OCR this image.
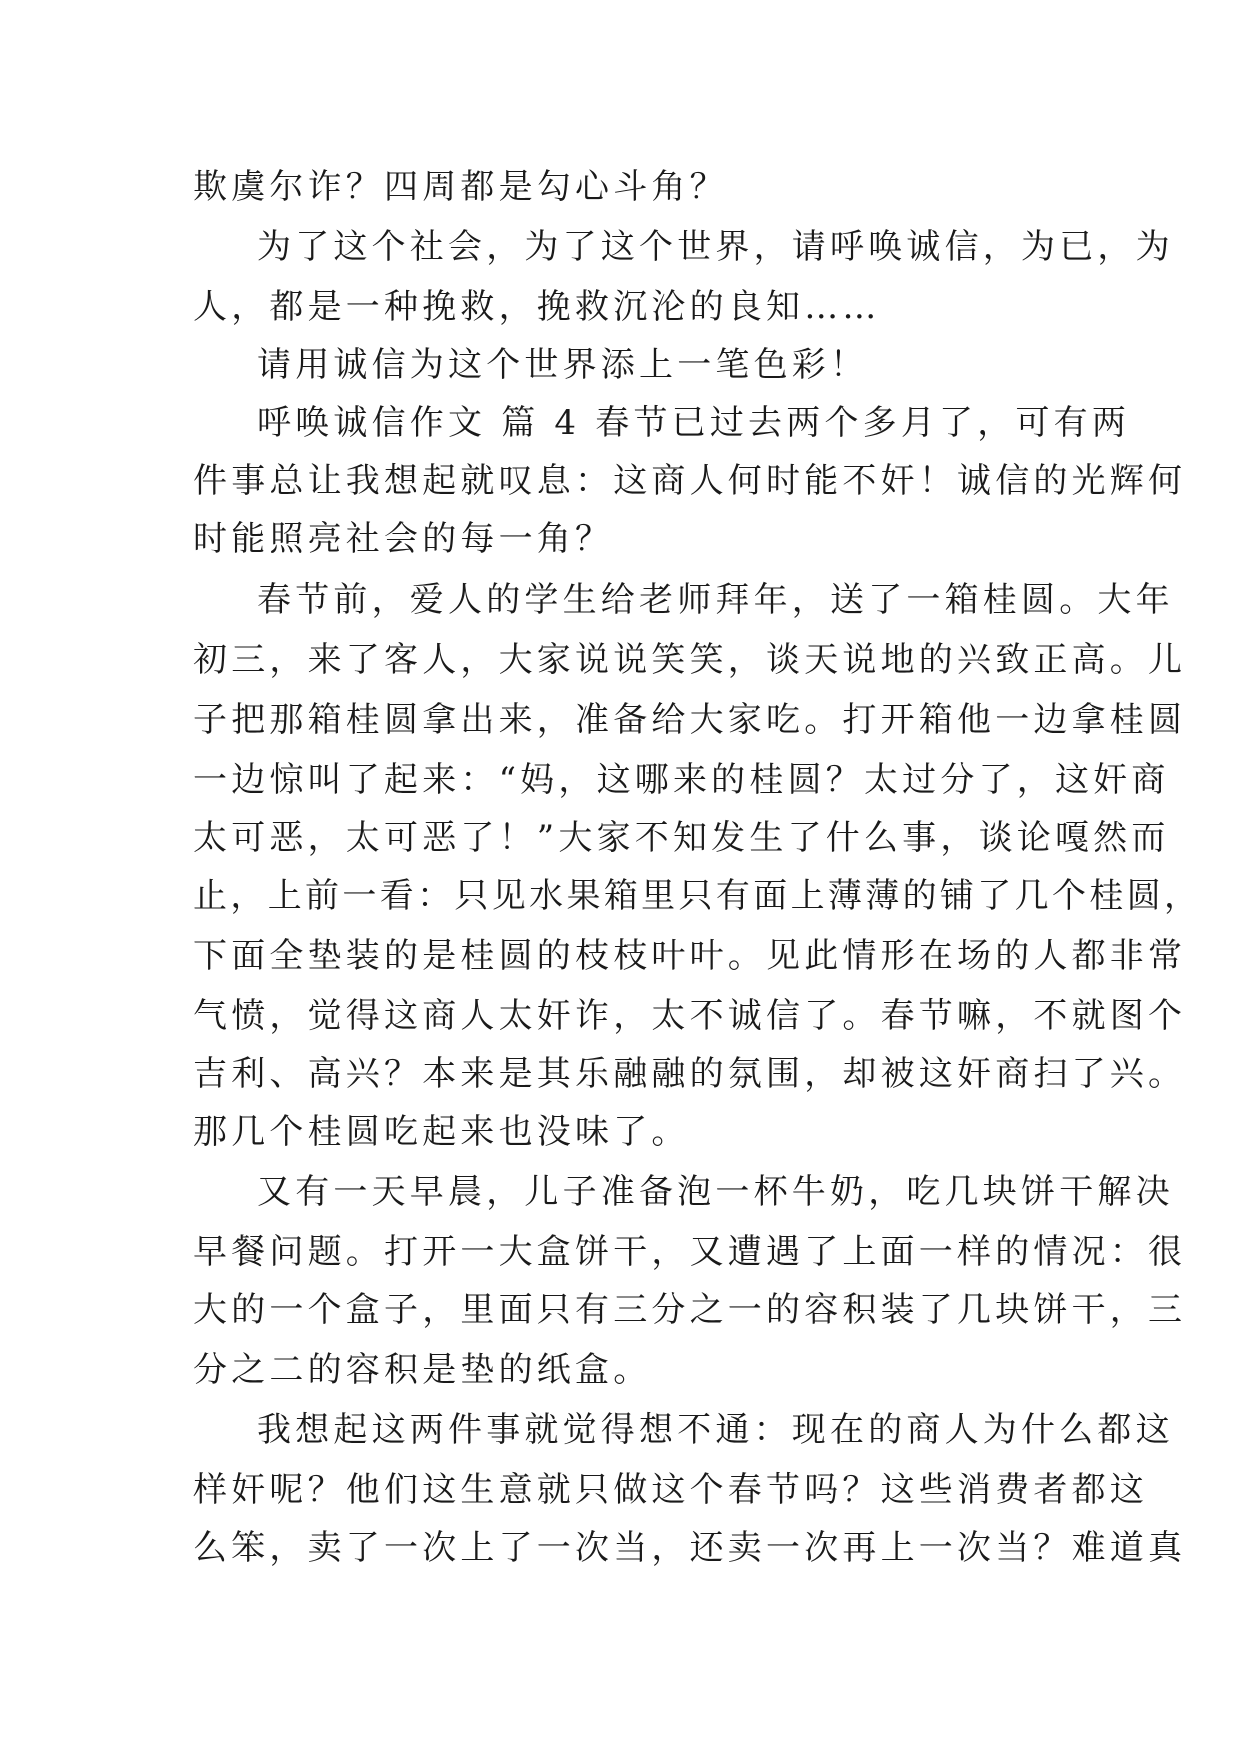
欺虞尔诈？四周都是勾心斗角？
为了这个社会，为了这个世界，请呼唤诚信，为已，为
人，都是一种挽救，挽救沉沦的良知……
请用诚信为这个世界添上一笔色彩！
呼唤诚信作文 篇 4 春节已过去两个多月了，可有两
件事总让我想起就叹息：这商人何时能不奸！诚信的光辉何
时能照亮社会的每一角？
春节前，爱人的学生给老师拜年，送了一箱桂圆。大年
初三，来了客人，大家说说笑笑，谈天说地的兴致正高。儿
子把那箱桂圆拿出来，准备给大家吃。打开箱他一边拿桂圆
一边惊叫了起来：“妈，这哪来的桂圆？太过分了，这奸商
太可恶，太可恶了！”大家不知发生了什么事，谈论嘎然而
止，上前一看：只见水果箱里只有面上薄薄的铺了几个桂圆，
下面全垫装的是桂圆的枝枝叶叶。见此情形在场的人都非常
气愤，觉得这商人太奸诈，太不诚信了。春节嘛，不就图个
吉利、高兴？本来是其乐融融的氛围，却被这奸商扫了兴。
那几个桂圆吃起来也没味了。
又有一天早晨，儿子准备泡一杯牛奶，吃几块饼干解决
早餐问题。打开一大盒饼干，又遭遇了上面一样的情况：很
大的一个盒子，里面只有三分之一的容积装了几块饼干，三
分之二的容积是垫的纸盒。
我想起这两件事就觉得想不通：现在的商人为什么都这
样奸呢？他们这生意就只做这个春节吗？这些消费者都这
么笨，卖了一次上了一次当，还卖一次再上一次当？难道真
